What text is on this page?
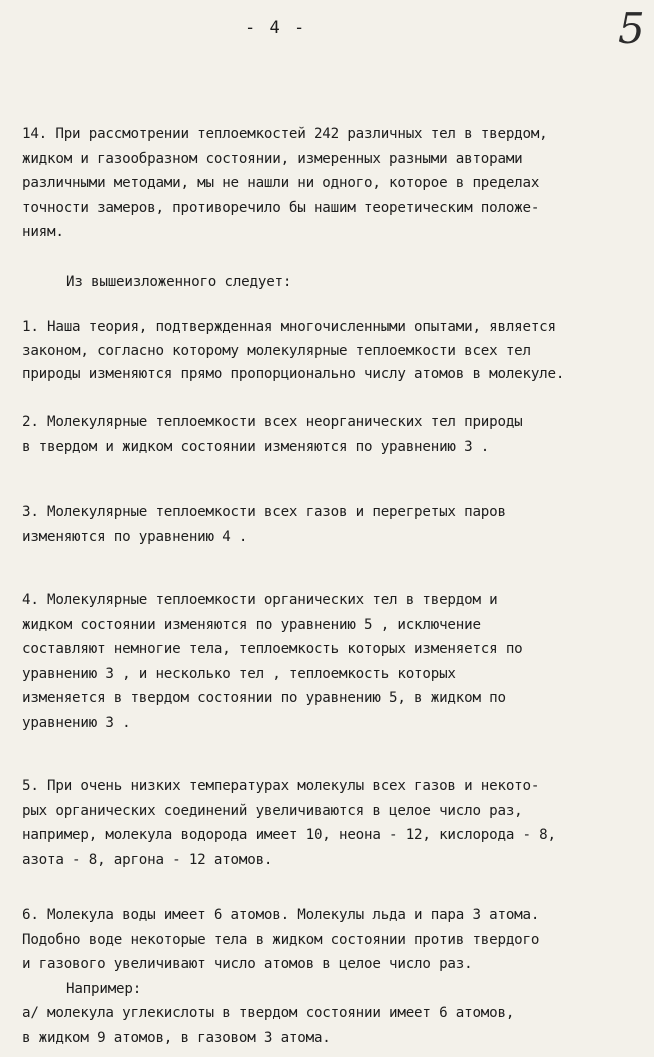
- 4 -	5
14. При рассмотрении теплоемкостей 242 различных тел в твердом,
жидком и газообразном состоянии, измеренных разными авторами
различными методами, мы не нашли ни одного, которое в пределах
точности замеров, противоречило бы нашим теоретическим положе-
ниям.
Из вышеизложенного следует:
1. Наша теория, подтвержденная многочисленными опытами, является
законом, согласно которому молекулярные теплоемкости всех тел
природы изменяются прямо пропорционально числу атомов в молекуле.
2. Молекулярные теплоемкости всех неорганических тел природы
в твердом и жидком состоянии изменяются по уравнению 3 .
3. Молекулярные теплоемкости всех газов и перегретых паров
изменяются по уравнению 4 .
4. Молекулярные теплоемкости органических тел в твердом и
жидком состоянии изменяются по уравнению 5 , исключение
составляют немногие тела, теплоемкость которых изменяется по
уравнению 3 , и несколько тел , теплоемкость которых
изменяется в твердом состоянии по уравнению 5, в жидком по
уравнению 3 .
5. При очень низких температурах молекулы всех газов и некото-
рых органических соединений увеличиваются в целое число раз,
например, молекула водорода имеет 10, неона - 12, кислорода - 8,
азота - 8, аргона - 12 атомов.
6. Молекула воды имеет 6 атомов. Молекулы льда и пара 3 атома.
Подобно воде некоторые тела в жидком состоянии против твердого
и газового увеличивают число атомов в целое число раз.
Например:
а/ молекула углекислоты в твердом состоянии имеет 6 атомов,
в жидком 9 атомов, в газовом 3 атома.
